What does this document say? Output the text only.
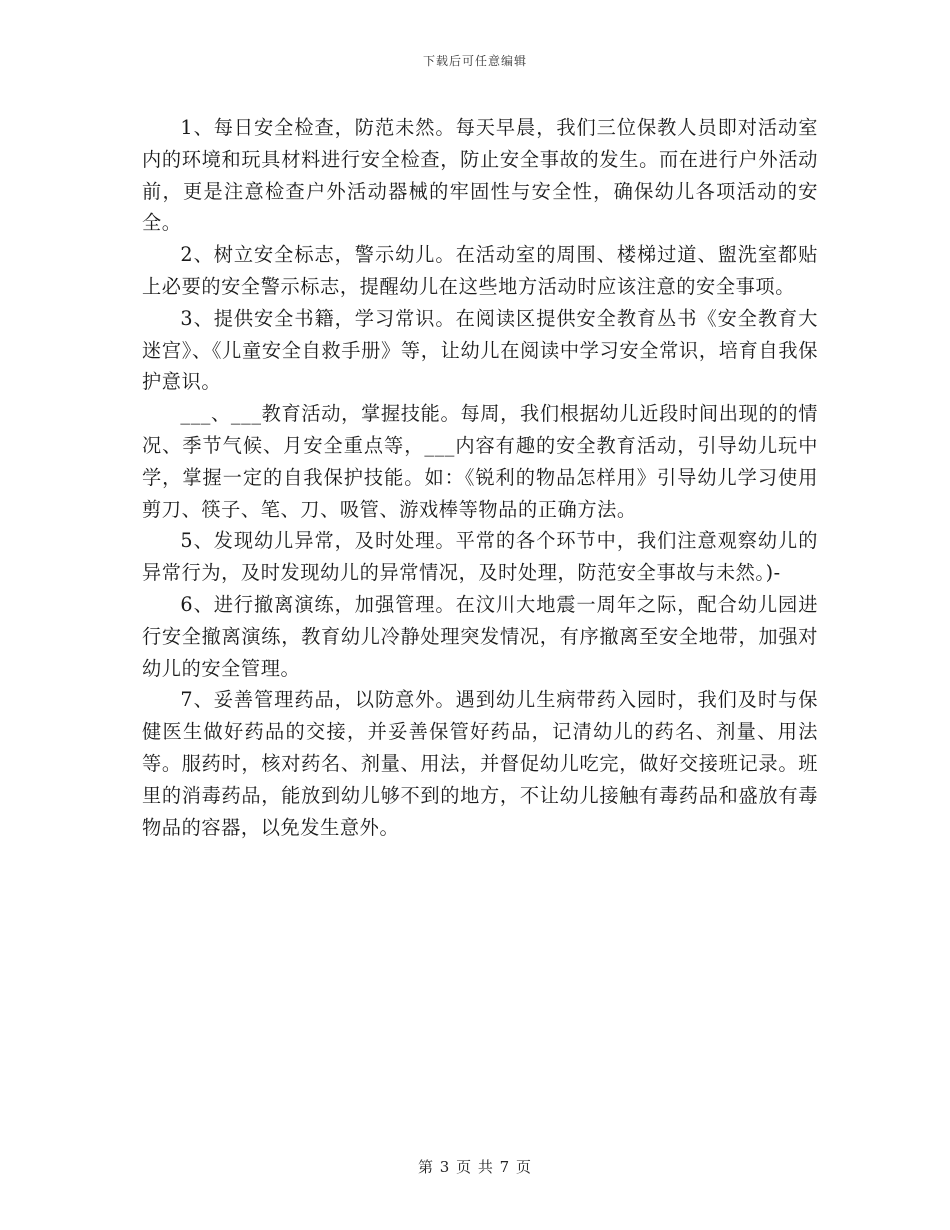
下载后可任意编辑

1、每日安全检查，防范未然。每天早晨，我们三位保教人员即对活动室内的环境和玩具材料进行安全检查，防止安全事故的发生。而在进行户外活动前，更是注意检查户外活动器械的牢固性与安全性，确保幼儿各项活动的安全。

2、树立安全标志，警示幼儿。在活动室的周围、楼梯过道、盥洗室都贴上必要的安全警示标志，提醒幼儿在这些地方活动时应该注意的安全事项。

3、提供安全书籍，学习常识。在阅读区提供安全教育丛书《安全教育大迷宫》、《儿童安全自救手册》等，让幼儿在阅读中学习安全常识，培育自我保护意识。

___、___教育活动，掌握技能。每周，我们根据幼儿近段时间出现的的情况、季节气候、月安全重点等，___内容有趣的安全教育活动，引导幼儿玩中学，掌握一定的自我保护技能。如：《锐利的物品怎样用》引导幼儿学习使用剪刀、筷子、笔、刀、吸管、游戏棒等物品的正确方法。

5、发现幼儿异常，及时处理。平常的各个环节中，我们注意观察幼儿的异常行为，及时发现幼儿的异常情况，及时处理，防范安全事故与未然。)-

6、进行撤离演练，加强管理。在汶川大地震一周年之际，配合幼儿园进行安全撤离演练，教育幼儿冷静处理突发情况，有序撤离至安全地带，加强对幼儿的安全管理。

7、妥善管理药品，以防意外。遇到幼儿生病带药入园时，我们及时与保健医生做好药品的交接，并妥善保管好药品，记清幼儿的药名、剂量、用法等。服药时，核对药名、剂量、用法，并督促幼儿吃完，做好交接班记录。班里的消毒药品，能放到幼儿够不到的地方，不让幼儿接触有毒药品和盛放有毒物品的容器，以免发生意外。

第 3 页 共 7 页
